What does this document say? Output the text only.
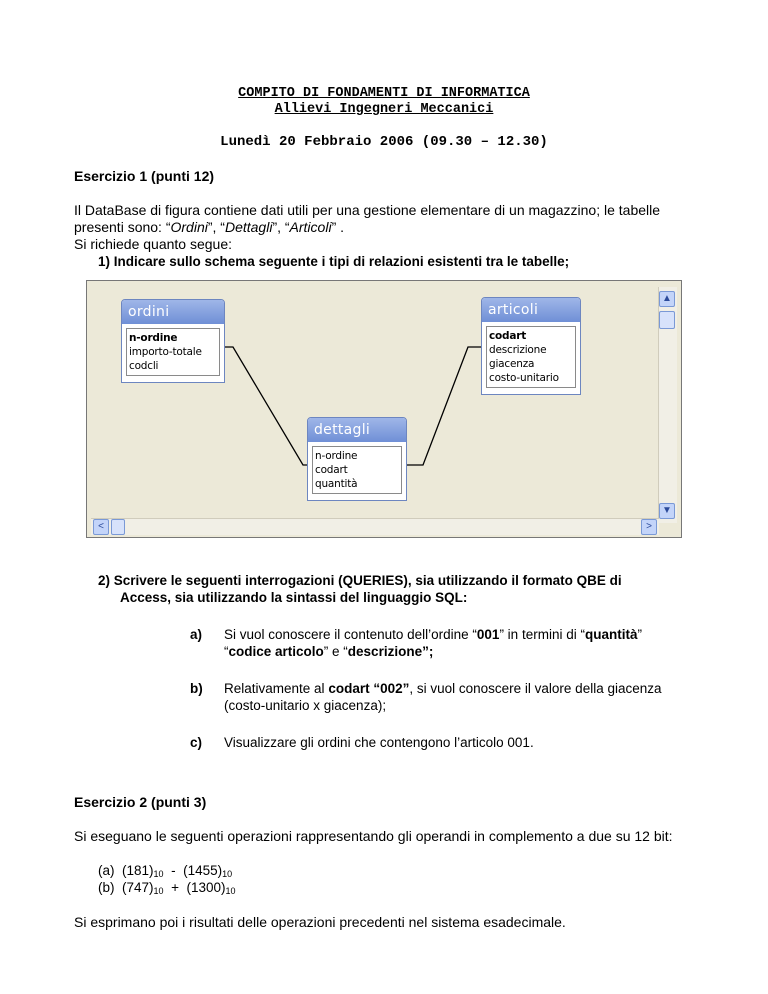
COMPITO DI FONDAMENTI DI INFORMATICA
Allievi Ingegneri Meccanici
Lunedì 20 Febbraio 2006 (09.30 – 12.30)
Esercizio 1 (punti 12)
Il DataBase di figura contiene dati utili per una gestione elementare di un magazzino; le tabelle
presenti sono: “Ordini”, “Dettagli”, “Articoli” .
Si richiede quanto segue:
1) Indicare sullo schema seguente i tipi di relazioni esistenti tra le tabelle;
ordini
n-ordine
importo-totale
codcli
articoli
codart
descrizione
giacenza
costo-unitario
dettagli
n-ordine
codart
quantità
▲
▼
<	>
2) Scrivere le seguenti interrogazioni (QUERIES), sia utilizzando il formato QBE di
Access, sia utilizzando la sintassi del linguaggio SQL:
a) Si vuol conoscere il contenuto dell’ordine “001” in termini di “quantità”
“codice articolo” e “descrizione”;
b) Relativamente al codart “002”, si vuol conoscere il valore della giacenza
(costo-unitario x giacenza);
c)	Visualizzare gli ordini che contengono l’articolo 001.
Esercizio 2 (punti 3)
Si eseguano le seguenti operazioni rappresentando gli operandi in complemento a due su 12 bit:
(a) $(181)_{10} - (1455)_{10}$
(b) $(747)_{10} + (1300)_{10}$
Si esprimano poi i risultati delle operazioni precedenti nel sistema esadecimale.
